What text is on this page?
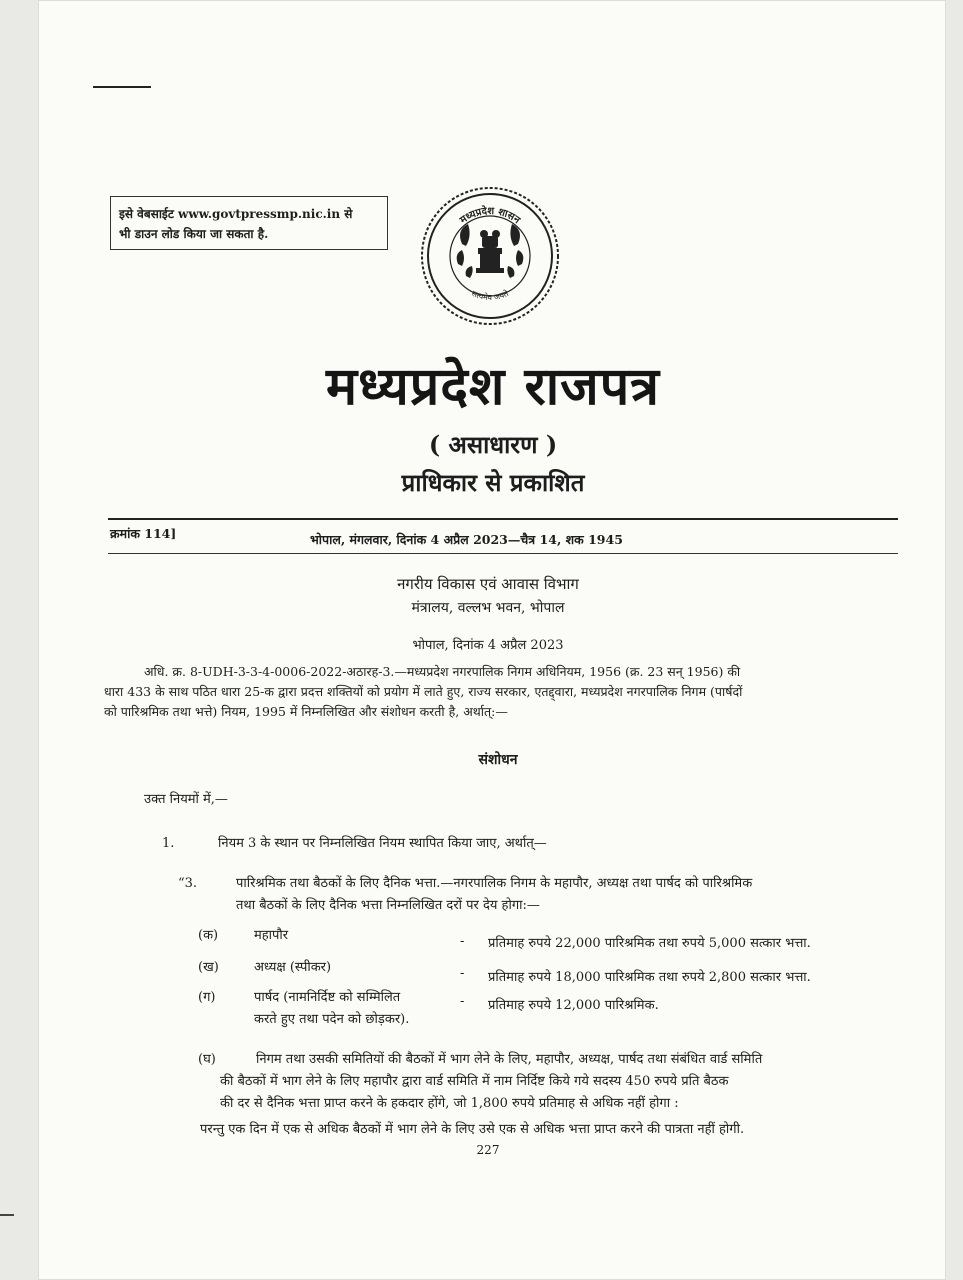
इसे वेबसाईट www.govtpressmp.nic.in से
भी डाउन लोड किया जा सकता है.
मध्यप्रदेश शासन
सत्यमेव जयते
मध्यप्रदेश राजपत्र
( असाधारण )
प्राधिकार से प्रकाशित
क्रमांक 114]	भोपाल, मंगलवार, दिनांक 4 अप्रैल 2023—चैत्र 14, शक 1945
नगरीय विकास एवं आवास विभाग
मंत्रालय, वल्लभ भवन, भोपाल
भोपाल, दिनांक 4 अप्रैल 2023
अधि. क्र. 8-UDH-3-3-4-0006-2022-अठारह-3.—मध्यप्रदेश नगरपालिक निगम अधिनियम, 1956 (क्र. 23 सन् 1956) की
धारा 433 के साथ पठित धारा 25-क द्वारा प्रदत्त शक्तियों को प्रयोग में लाते हुए, राज्य सरकार, एतद्द्वारा, मध्यप्रदेश नगरपालिक निगम (पार्षदों
को पारिश्रमिक तथा भत्ते) नियम, 1995 में निम्नलिखित और संशोधन करती है, अर्थात्:—
संशोधन
उक्त नियमों में,—
1.	नियम 3 के स्थान पर निम्नलिखित नियम स्थापित किया जाए, अर्थात्—
“3.	पारिश्रमिक तथा बैठकों के लिए दैनिक भत्ता.—नगरपालिक निगम के महापौर, अध्यक्ष तथा पार्षद को पारिश्रमिक
तथा बैठकों के लिए दैनिक भत्ता निम्नलिखित दरों पर देय होगा:—
(क)	महापौर	- प्रतिमाह रुपये 22,000 पारिश्रमिक तथा रुपये 5,000 सत्कार भत्ता.
(ख)	अध्यक्ष (स्पीकर)	- प्रतिमाह रुपये 18,000 पारिश्रमिक तथा रुपये 2,800 सत्कार भत्ता.
(ग)	पार्षद (नामनिर्दिष्ट को सम्मिलित
करते हुए तथा पदेन को छोड़कर).
- प्रतिमाह रुपये 12,000 पारिश्रमिक.
(घ)	निगम तथा उसकी समितियों की बैठकों में भाग लेने के लिए, महापौर, अध्यक्ष, पार्षद तथा संबंधित वार्ड समिति
की बैठकों में भाग लेने के लिए महापौर द्वारा वार्ड समिति में नाम निर्दिष्ट किये गये सदस्य 450 रुपये प्रति बैठक
की दर से दैनिक भत्ता प्राप्त करने के हकदार होंगे, जो 1,800 रुपये प्रतिमाह से अधिक नहीं होगा :
परन्तु एक दिन में एक से अधिक बैठकों में भाग लेने के लिए उसे एक से अधिक भत्ता प्राप्त करने की पात्रता नहीं होगी.
227
